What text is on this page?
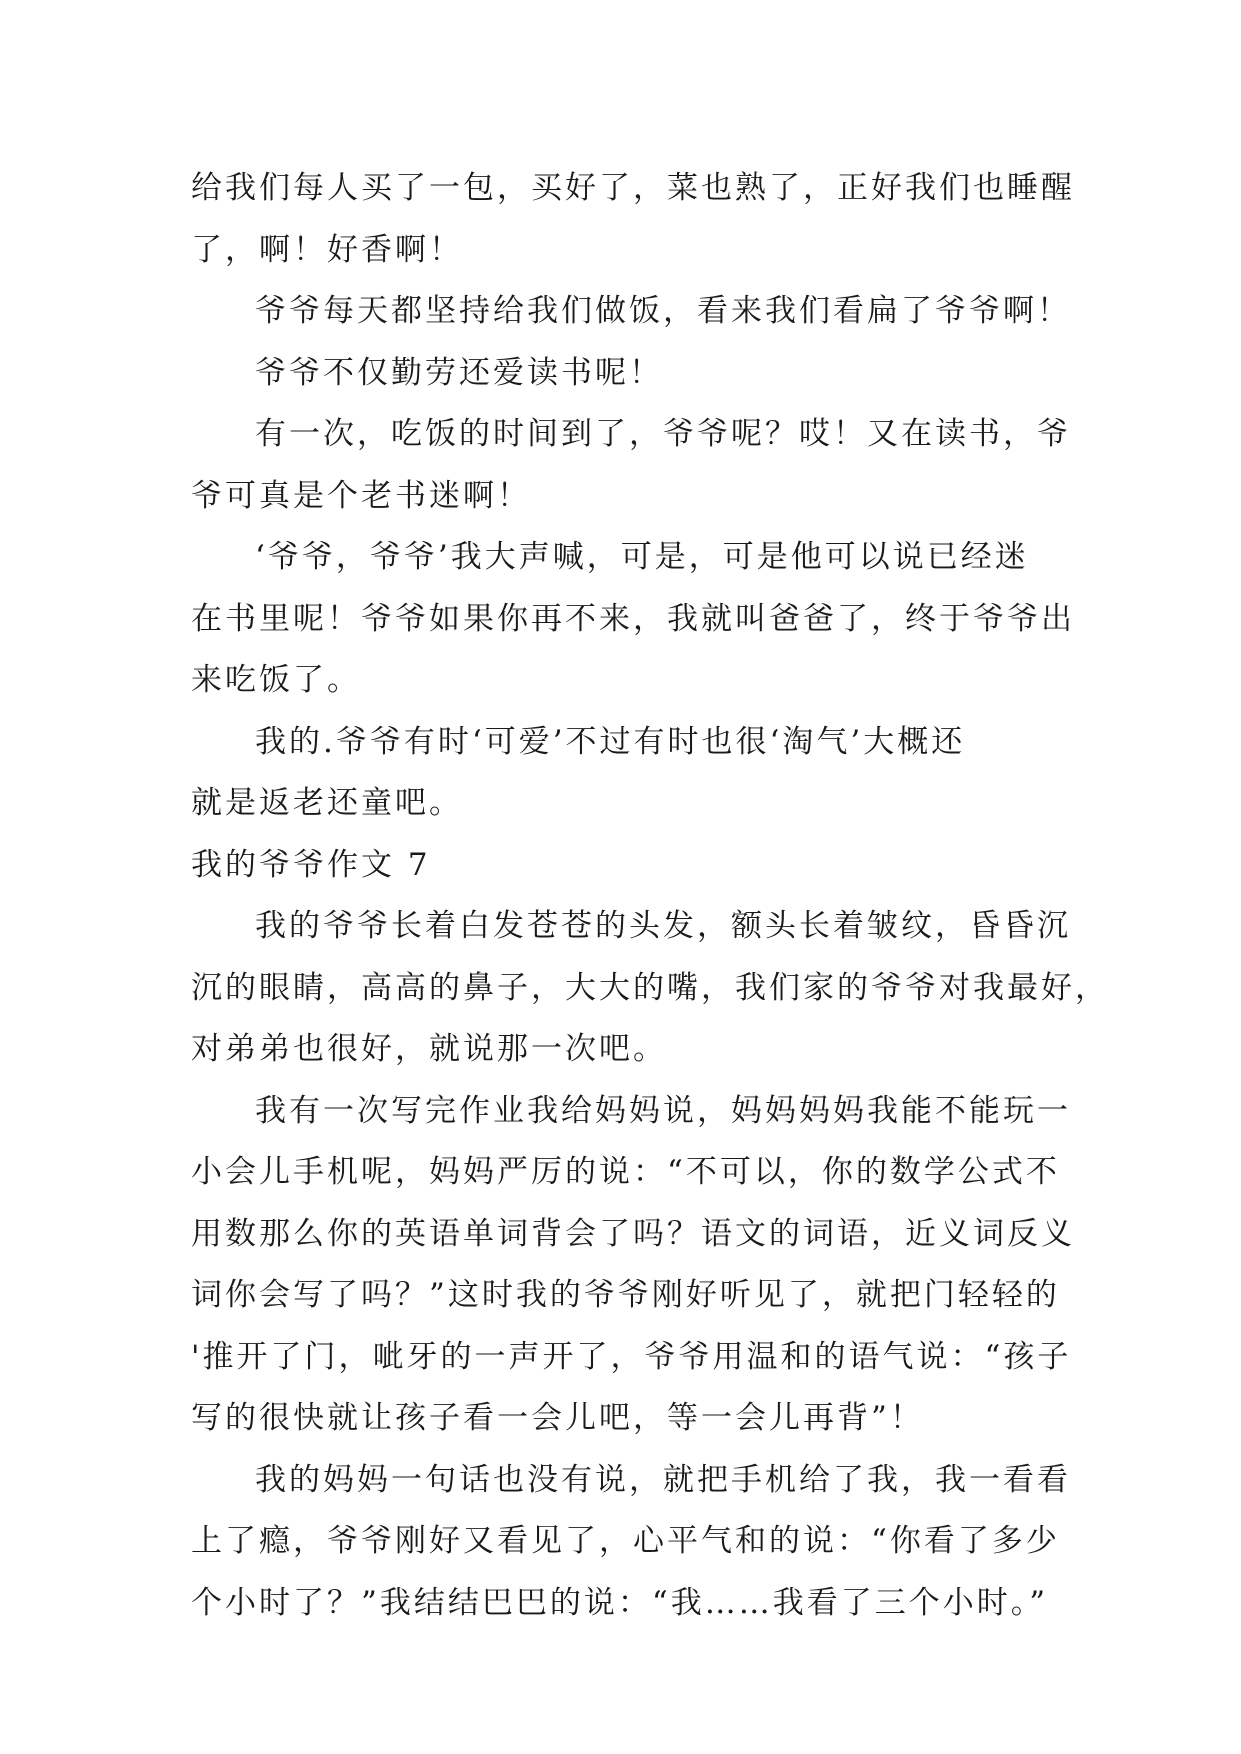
给我们每人买了一包，买好了，菜也熟了，正好我们也睡醒
了，啊！好香啊！
爷爷每天都坚持给我们做饭，看来我们看扁了爷爷啊！
爷爷不仅勤劳还爱读书呢！
有一次，吃饭的时间到了，爷爷呢？哎！又在读书，爷
爷可真是个老书迷啊！
‘爷爷，爷爷’我大声喊，可是，可是他可以说已经迷
在书里呢！爷爷如果你再不来，我就叫爸爸了，终于爷爷出
来吃饭了。
我的.爷爷有时‘可爱’不过有时也很‘淘气’大概还
就是返老还童吧。
我的爷爷作文 7
我的爷爷长着白发苍苍的头发，额头长着皱纹，昏昏沉
沉的眼睛，高高的鼻子，大大的嘴，我们家的爷爷对我最好，
对弟弟也很好，就说那一次吧。
我有一次写完作业我给妈妈说，妈妈妈妈我能不能玩一
小会儿手机呢，妈妈严厉的说：“不可以，你的数学公式不
用数那么你的英语单词背会了吗？语文的词语，近义词反义
词你会写了吗？”这时我的爷爷刚好听见了，就把门轻轻的
'推开了门，呲牙的一声开了，爷爷用温和的语气说：“孩子
写的很快就让孩子看一会儿吧，等一会儿再背”！
我的妈妈一句话也没有说，就把手机给了我，我一看看
上了瘾，爷爷刚好又看见了，心平气和的说：“你看了多少
个小时了？”我结结巴巴的说：“我……我看了三个小时。”
